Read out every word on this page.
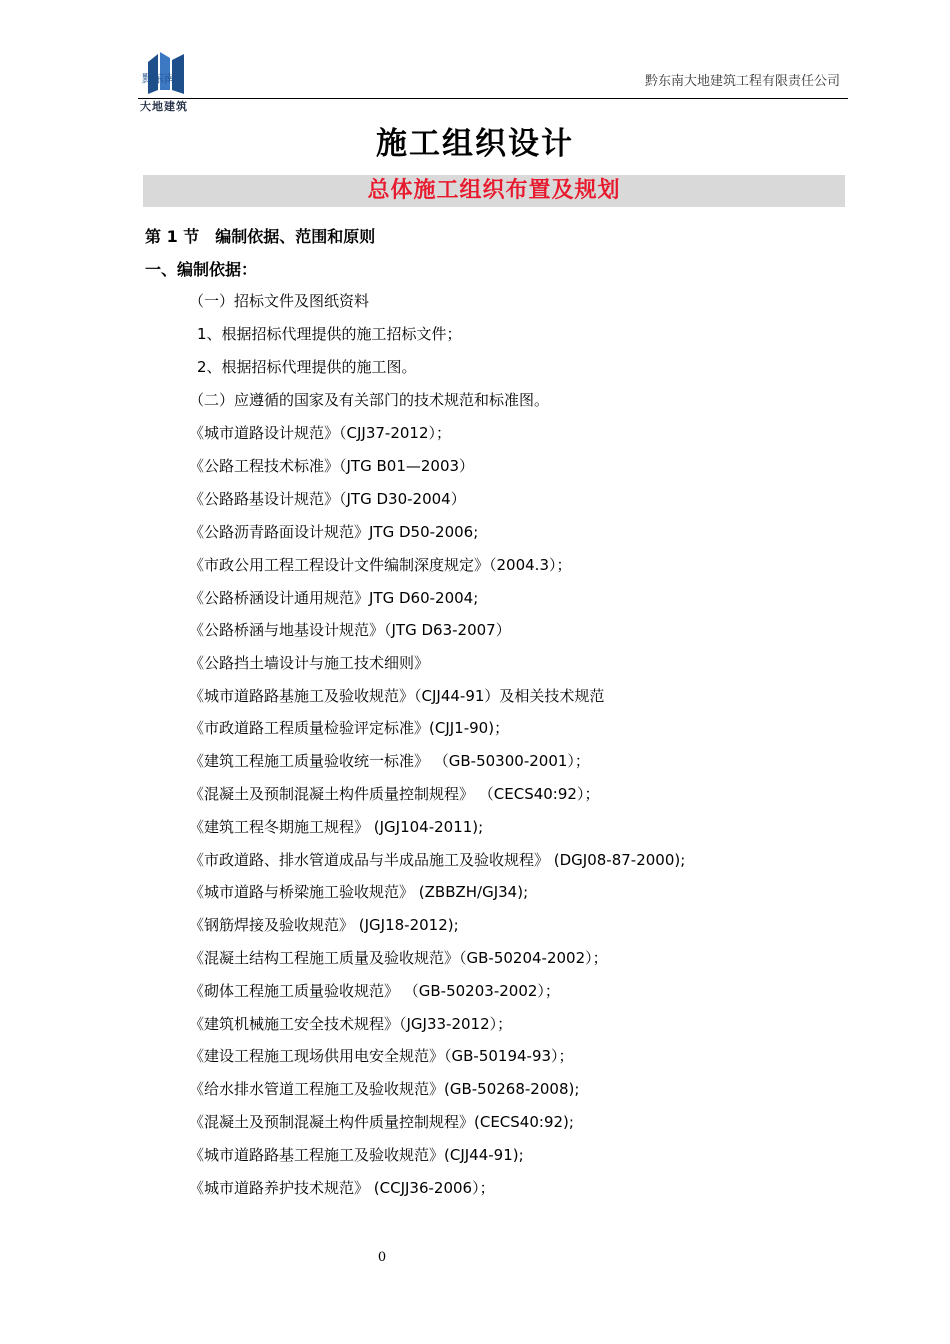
黔东南
大地建筑
黔东南大地建筑工程有限责任公司
施工组织设计
总体施工组织布置及规划
第 1 节　编制依据、范围和原则
一、编制依据：
（一）招标文件及图纸资料
1、根据招标代理提供的施工招标文件；
2、根据招标代理提供的施工图。
（二）应遵循的国家及有关部门的技术规范和标准图。
《城市道路设计规范》（CJJ37-2012）；
《公路工程技术标准》（JTG B01—2003）
《公路路基设计规范》（JTG D30-2004）
《公路沥青路面设计规范》JTG D50-2006;
《市政公用工程工程设计文件编制深度规定》（2004.3）；
《公路桥涵设计通用规范》JTG D60-2004;
《公路桥涵与地基设计规范》（JTG D63-2007）
《公路挡土墙设计与施工技术细则》
《城市道路路基施工及验收规范》（CJJ44-91）及相关技术规范
《市政道路工程质量检验评定标准》(CJJ1-90)；
《建筑工程施工质量验收统一标准》 （GB-50300-2001）；
《混凝土及预制混凝土构件质量控制规程》 （CECS40:92）；
《建筑工程冬期施工规程》 (JGJ104-2011);
《市政道路、排水管道成品与半成品施工及验收规程》 (DGJ08-87-2000);
《城市道路与桥梁施工验收规范》 (ZBBZH/GJ34);
《钢筋焊接及验收规范》 (JGJ18-2012);
《混凝土结构工程施工质量及验收规范》（GB-50204-2002）；
《砌体工程施工质量验收规范》 （GB-50203-2002）；
《建筑机械施工安全技术规程》（JGJ33-2012）；
《建设工程施工现场供用电安全规范》（GB-50194-93）；
《给水排水管道工程施工及验收规范》(GB-50268-2008);
《混凝土及预制混凝土构件质量控制规程》(CECS40:92);
《城市道路路基工程施工及验收规范》(CJJ44-91);
《城市道路养护技术规范》 (CCJJ36-2006）；
0
